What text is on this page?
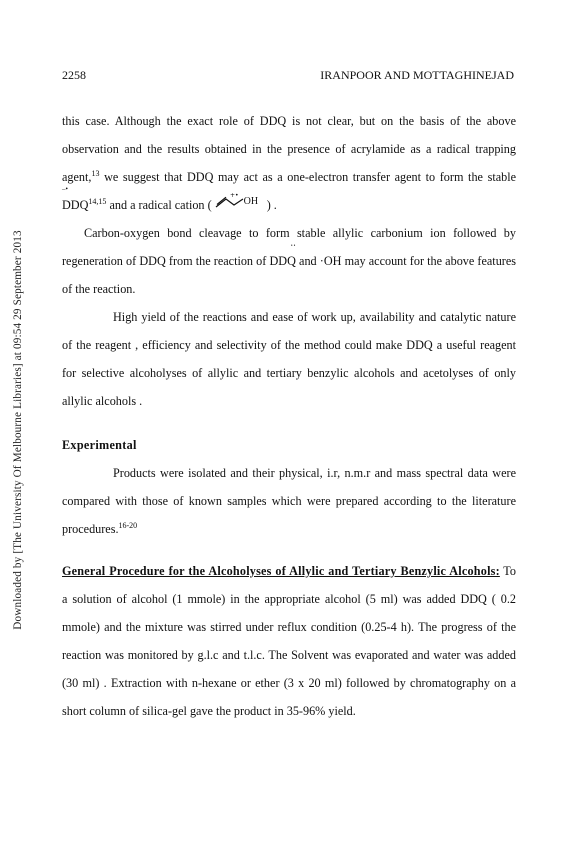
Downloaded by [The University Of Melbourne Libraries] at 09:54 29 September 2013
2258	IRANPOOR AND MOTTAGHINEJAD

this case. Although the exact role of DDQ is not clear, but on the basis of the above observation and the results obtained in the presence of acrylamide as a radical trapping agent,$^{13}$ we suggest that DDQ may act as a one-electron transfer agent to form the stable –• DDQ$^{14,15}$ and a radical cation (
+•
OH ) .

Carbon-oxygen bond cleavage to form stable allylic carbonium ion followed by regeneration of DDQ from the reaction of •• DDQ and ·OH may account for the above features of the reaction.

High yield of the reactions and ease of work up, availability and catalytic nature of the reagent , efficiency and selectivity of the method could make DDQ a useful reagent for selective alcoholyses of allylic and tertiary benzylic alcohols and acetolyses of only allylic alcohols .

Experimental

Products were isolated and their physical, i.r, n.m.r and mass spectral data were compared with those of known samples which were prepared according to the literature procedures.$^{16-20}$

General Procedure for the Alcoholyses of Allylic and Tertiary Benzylic Alcohols: To a solution of alcohol (1 mmole) in the appropriate alcohol (5 ml) was added DDQ ( 0.2 mmole) and the mixture was stirred under reflux condition (0.25-4 h). The progress of the reaction was monitored by g.l.c and t.l.c. The Solvent was evaporated and water was added (30 ml) . Extraction with n-hexane or ether (3 x 20 ml) followed by chromatography on a short column of silica-gel gave the product in 35-96% yield.
